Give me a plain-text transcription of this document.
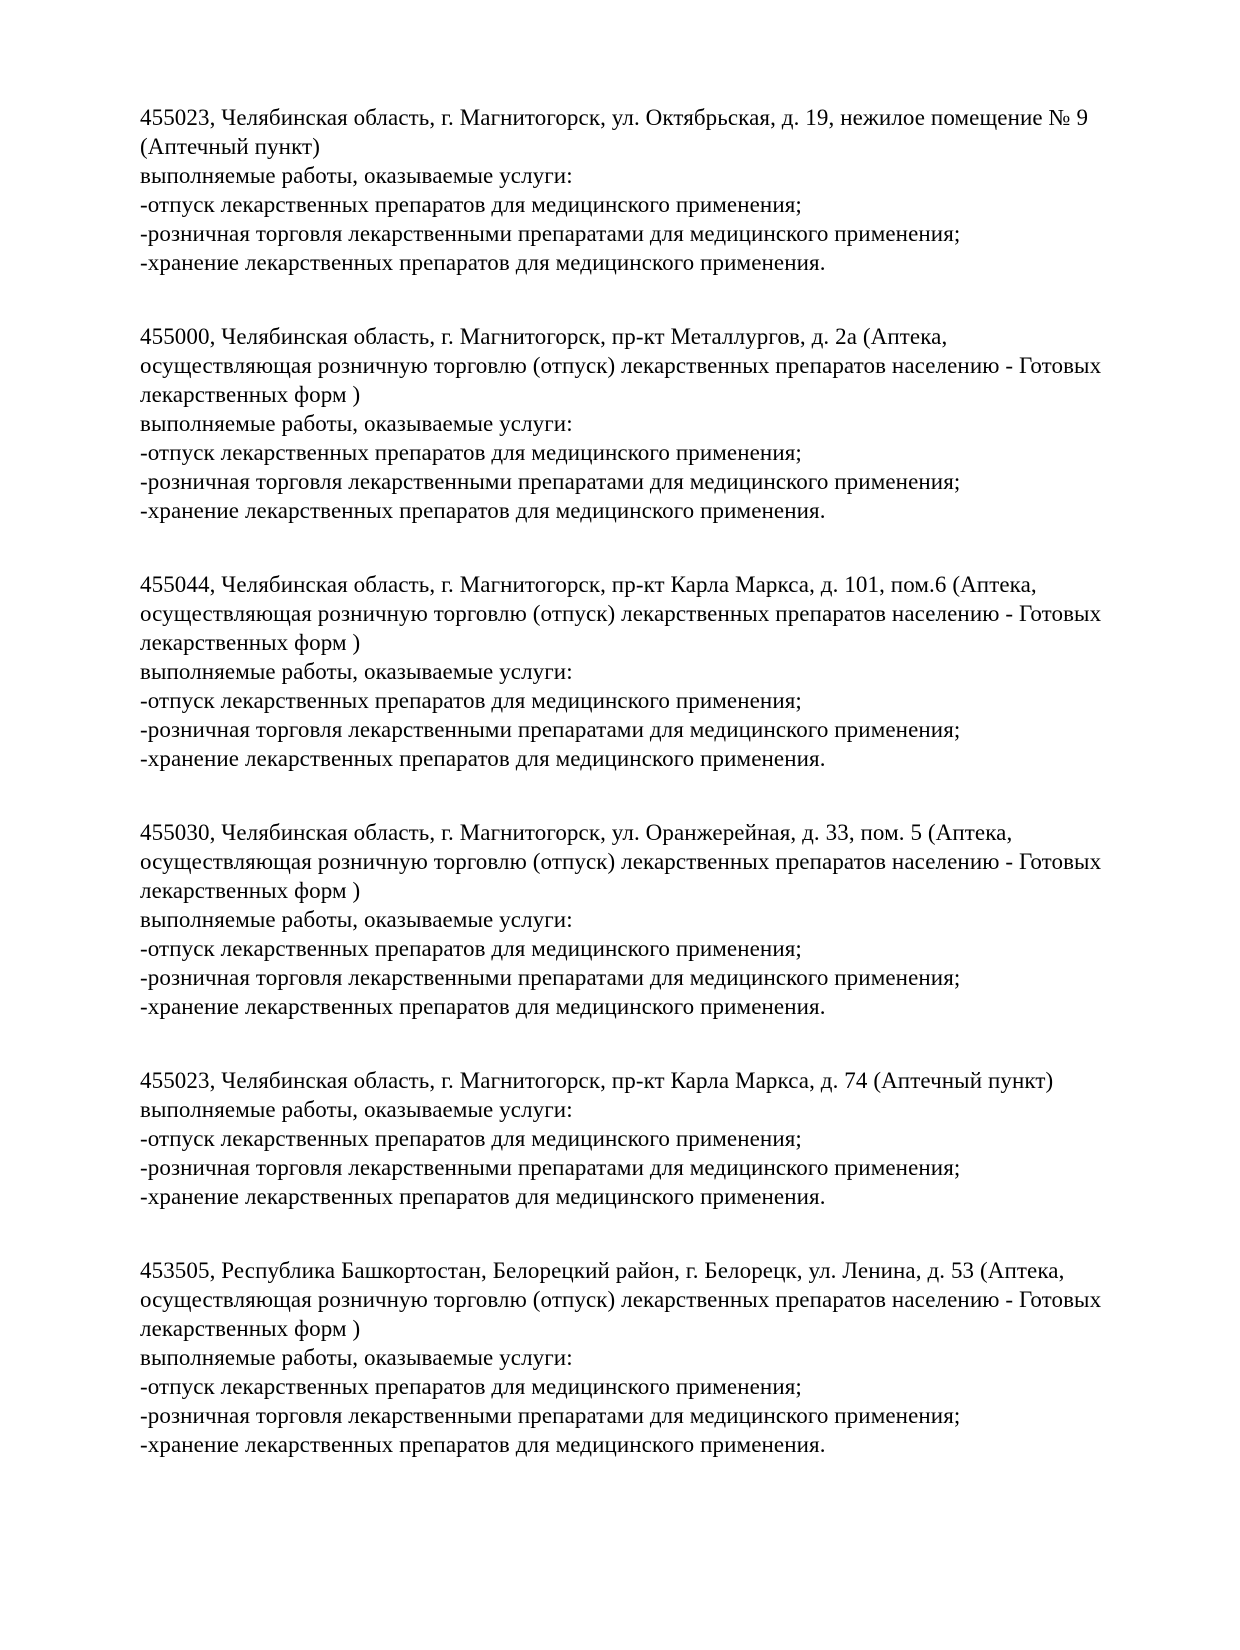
455023, Челябинская область, г. Магнитогорск, ул. Октябрьская, д. 19, нежилое помещение № 9
(Аптечный пункт)
выполняемые работы, оказываемые услуги:
-отпуск лекарственных препаратов для медицинского применения;
-розничная торговля лекарственными препаратами для медицинского применения;
-хранение лекарственных препаратов для медицинского применения.
455000, Челябинская область, г. Магнитогорск, пр-кт Металлургов, д. 2а (Аптека,
осуществляющая розничную торговлю (отпуск) лекарственных препаратов населению - Готовых
лекарственных форм )
выполняемые работы, оказываемые услуги:
-отпуск лекарственных препаратов для медицинского применения;
-розничная торговля лекарственными препаратами для медицинского применения;
-хранение лекарственных препаратов для медицинского применения.
455044, Челябинская область, г. Магнитогорск, пр-кт Карла Маркса, д. 101, пом.6 (Аптека,
осуществляющая розничную торговлю (отпуск) лекарственных препаратов населению - Готовых
лекарственных форм )
выполняемые работы, оказываемые услуги:
-отпуск лекарственных препаратов для медицинского применения;
-розничная торговля лекарственными препаратами для медицинского применения;
-хранение лекарственных препаратов для медицинского применения.
455030, Челябинская область, г. Магнитогорск, ул. Оранжерейная, д. 33, пом. 5 (Аптека,
осуществляющая розничную торговлю (отпуск) лекарственных препаратов населению - Готовых
лекарственных форм )
выполняемые работы, оказываемые услуги:
-отпуск лекарственных препаратов для медицинского применения;
-розничная торговля лекарственными препаратами для медицинского применения;
-хранение лекарственных препаратов для медицинского применения.
455023, Челябинская область, г. Магнитогорск, пр-кт Карла Маркса, д. 74 (Аптечный пункт)
выполняемые работы, оказываемые услуги:
-отпуск лекарственных препаратов для медицинского применения;
-розничная торговля лекарственными препаратами для медицинского применения;
-хранение лекарственных препаратов для медицинского применения.
453505, Республика Башкортостан, Белорецкий район, г. Белорецк, ул. Ленина, д. 53 (Аптека,
осуществляющая розничную торговлю (отпуск) лекарственных препаратов населению - Готовых
лекарственных форм )
выполняемые работы, оказываемые услуги:
-отпуск лекарственных препаратов для медицинского применения;
-розничная торговля лекарственными препаратами для медицинского применения;
-хранение лекарственных препаратов для медицинского применения.
